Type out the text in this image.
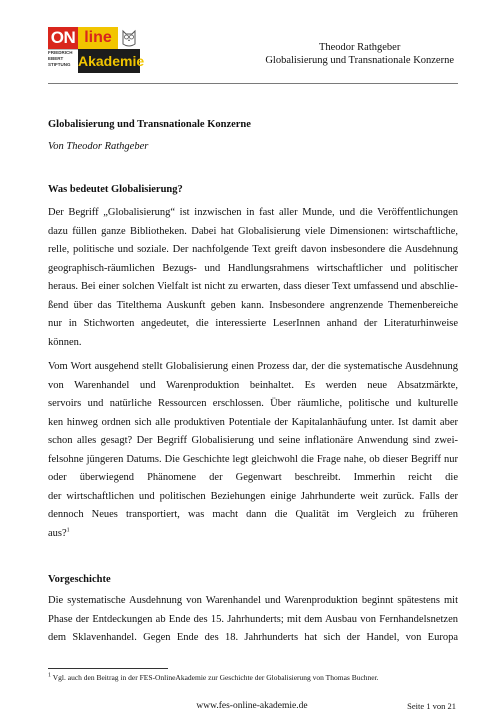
ON line
FRIEDRICH
EBERT
STIFTUNG Akademie
Theodor Rathgeber
Globalisierung und Transnationale Konzerne

Globalisierung und Transnationale Konzerne

Von Theodor Rathgeber

Was bedeutet Globalisierung?

Der Begriff „Globalisierung“ ist inzwischen in fast aller Munde, und die Veröffentlichungen
dazu füllen ganze Bibliotheken. Dabei hat Globalisierung viele Dimensionen: wirtschaftliche,
relle, politische und soziale. Der nachfolgende Text greift davon insbesondere die Ausdehnung
geographisch-räumlichen Bezugs- und Handlungsrahmens wirtschaftlicher und politischer
heraus. Bei einer solchen Vielfalt ist nicht zu erwarten, dass dieser Text umfassend und abschlie-
ßend über das Titelthema Auskunft geben kann. Insbesondere angrenzende Themenbereiche
nur in Stichworten angedeutet, die interessierte LeserInnen anhand der Literaturhinweise
können.
Vom Wort ausgehend stellt Globalisierung einen Prozess dar, der die systematische Ausdehnung
von Warenhandel und Warenproduktion beinhaltet. Es werden neue Absatzmärkte,
servoirs und natürliche Ressourcen erschlossen. Über räumliche, politische und kulturelle
ken hinweg ordnen sich alle produktiven Potentiale der Kapitalanhäufung unter. Ist damit aber
schon alles gesagt? Der Begriff Globalisierung und seine inflationäre Anwendung sind zwei-
felsohne jüngeren Datums. Die Geschichte legt gleichwohl die Frage nahe, ob dieser Begriff nur
oder überwiegend Phänomene der Gegenwart beschreibt. Immerhin reicht die
der wirtschaftlichen und politischen Beziehungen einige Jahrhunderte weit zurück. Falls der
dennoch Neues transportiert, was macht dann die Qualität im Vergleich zu früheren
aus?$^1$

Vorgeschichte

Die systematische Ausdehnung von Warenhandel und Warenproduktion beginnt spätestens mit
Phase der Entdeckungen ab Ende des 15. Jahrhunderts; mit dem Ausbau von Fernhandelsnetzen
dem Sklavenhandel. Gegen Ende des 18. Jahrhunderts hat sich der Handel, von Europa
$^1$ Vgl. auch den Beitrag in der FES-OnlineAkademie zur Geschichte der Globalisierung von Thomas Buchner.
www.fes-online-akademie.de	Seite 1 von 21
